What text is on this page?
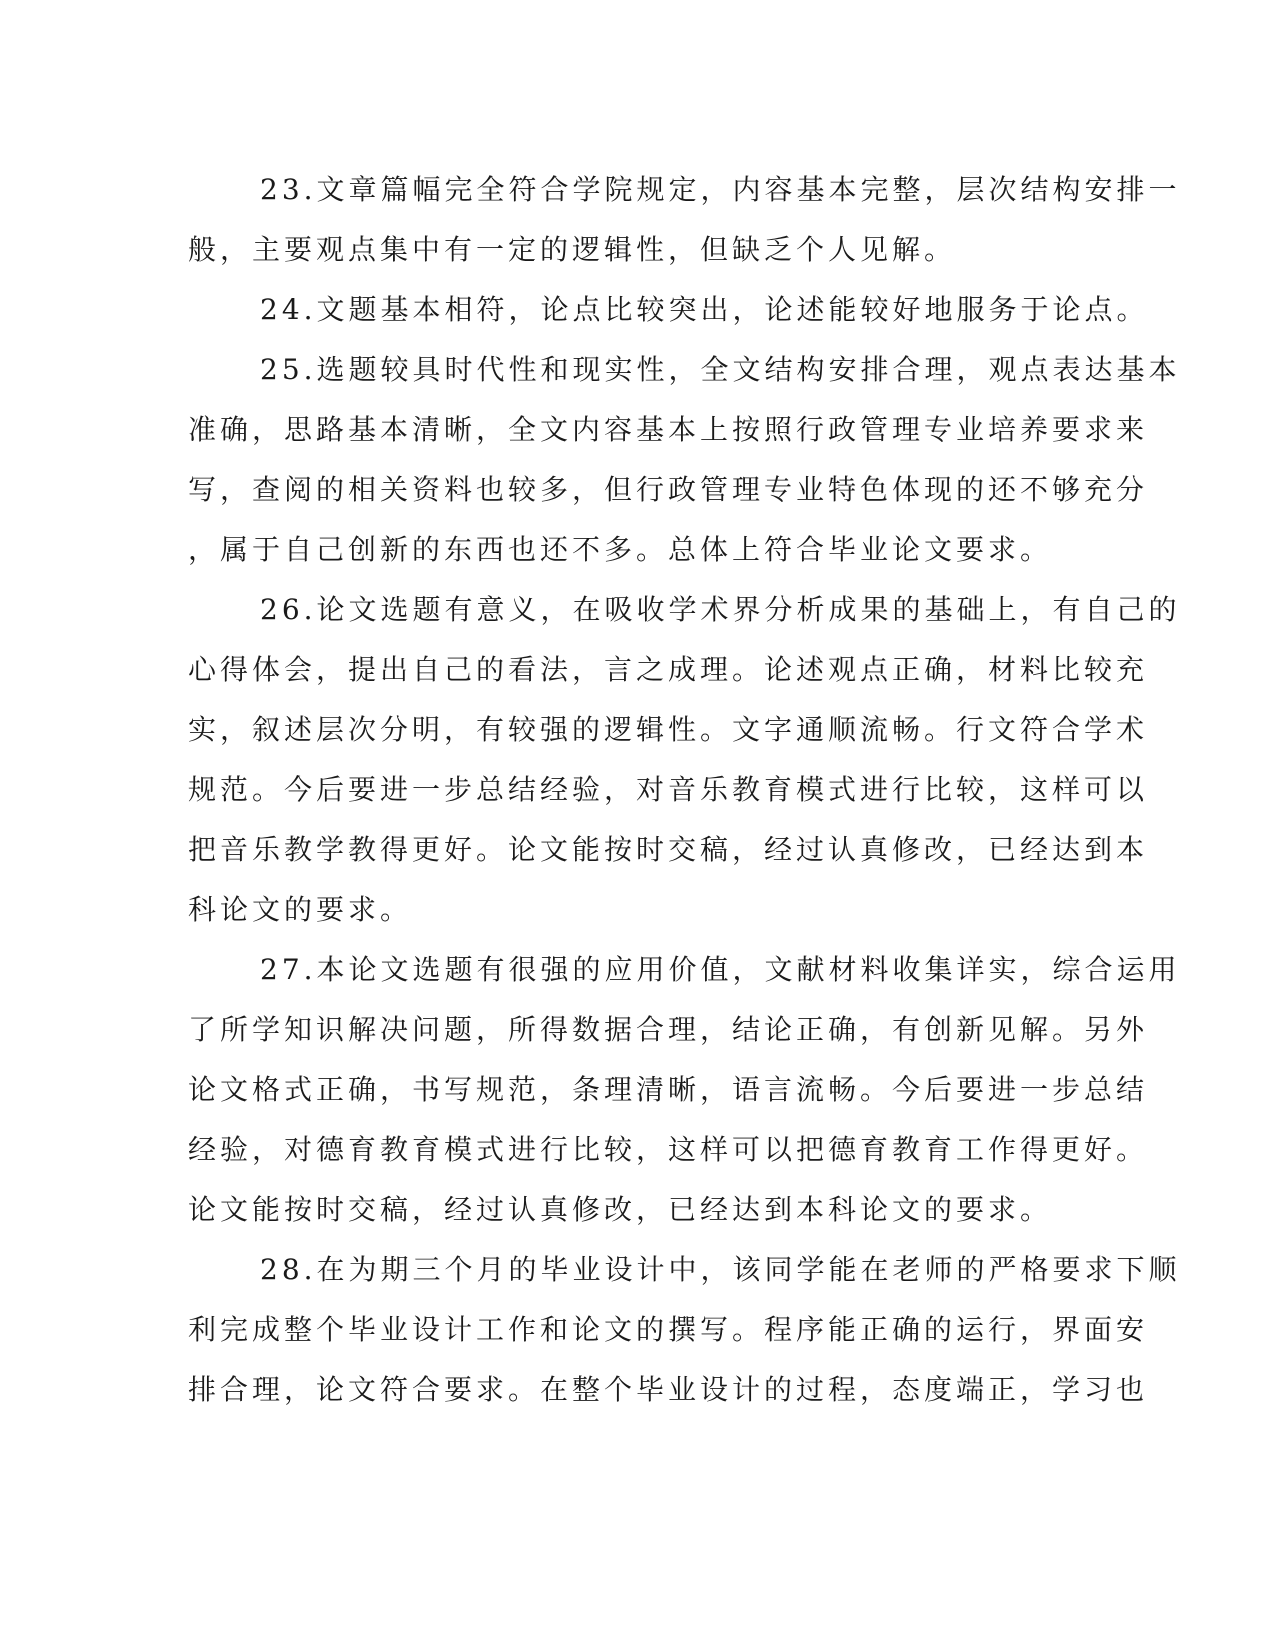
23.文章篇幅完全符合学院规定，内容基本完整，层次结构安排一
般，主要观点集中有一定的逻辑性，但缺乏个人见解。
24.文题基本相符，论点比较突出，论述能较好地服务于论点。
25.选题较具时代性和现实性，全文结构安排合理，观点表达基本
准确，思路基本清晰，全文内容基本上按照行政管理专业培养要求来
写，查阅的相关资料也较多，但行政管理专业特色体现的还不够充分
，属于自己创新的东西也还不多。总体上符合毕业论文要求。
26.论文选题有意义，在吸收学术界分析成果的基础上，有自己的
心得体会，提出自己的看法，言之成理。论述观点正确，材料比较充
实，叙述层次分明，有较强的逻辑性。文字通顺流畅。行文符合学术
规范。今后要进一步总结经验，对音乐教育模式进行比较，这样可以
把音乐教学教得更好。论文能按时交稿，经过认真修改，已经达到本
科论文的要求。
27.本论文选题有很强的应用价值，文献材料收集详实，综合运用
了所学知识解决问题，所得数据合理，结论正确，有创新见解。另外
论文格式正确，书写规范，条理清晰，语言流畅。今后要进一步总结
经验，对德育教育模式进行比较，这样可以把德育教育工作得更好。
论文能按时交稿，经过认真修改，已经达到本科论文的要求。
28.在为期三个月的毕业设计中，该同学能在老师的严格要求下顺
利完成整个毕业设计工作和论文的撰写。程序能正确的运行，界面安
排合理，论文符合要求。在整个毕业设计的过程，态度端正，学习也
